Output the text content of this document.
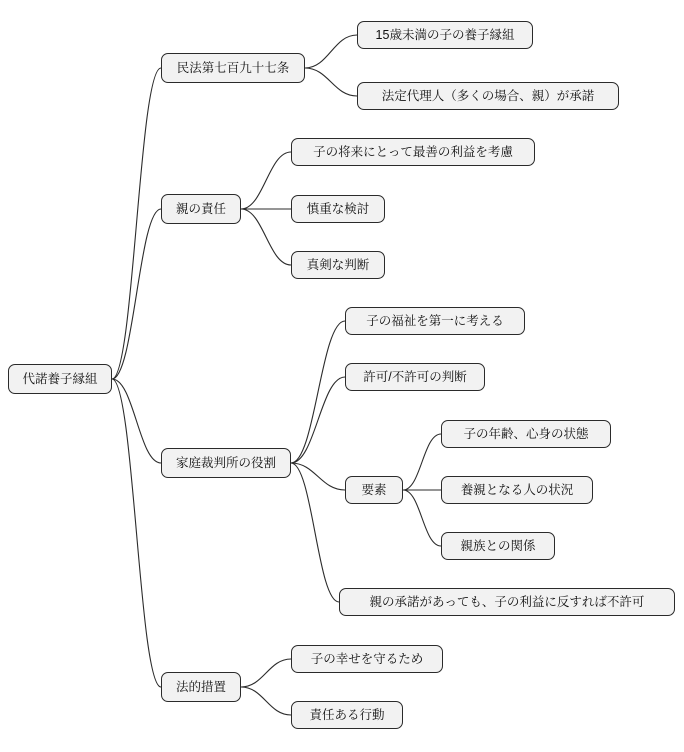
代諾養子縁組
民法第七百九十七条
15歳未満の子の養子縁組
法定代理人（多くの場合、親）が承諾
親の責任
子の将来にとって最善の利益を考慮
慎重な検討
真剣な判断
家庭裁判所の役割
子の福祉を第一に考える
許可/不許可の判断
要素
子の年齢、心身の状態
養親となる人の状況
親族との関係
親の承諾があっても、子の利益に反すれば不許可
法的措置
子の幸せを守るため
責任ある行動
